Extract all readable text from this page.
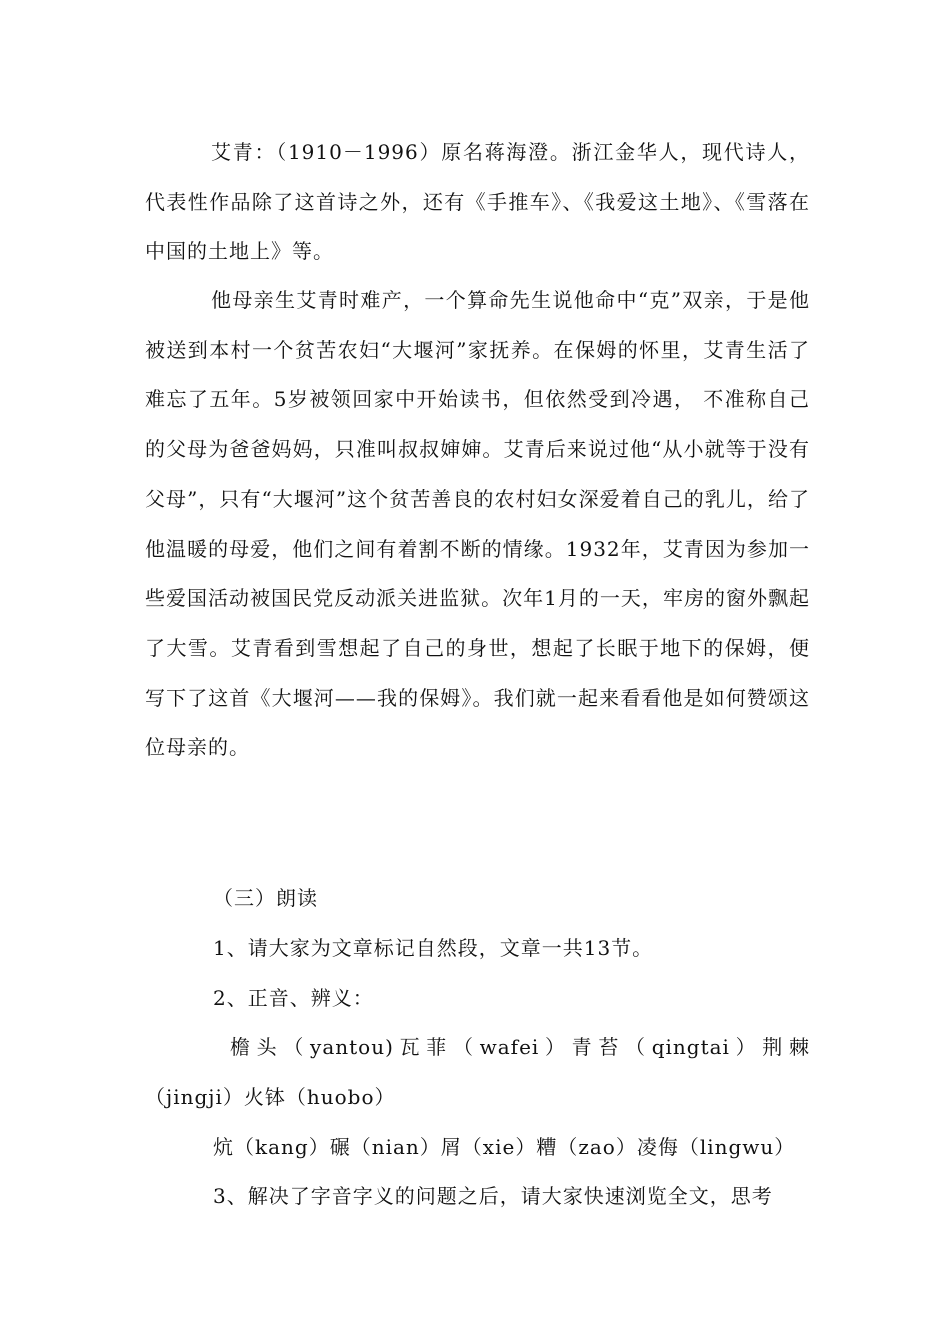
艾青：（1910－1996）原名蒋海澄。浙江金华人，现代诗人，代表性作品除了这首诗之外，还有《手推车》、《我爱这土地》、《雪落在中国的土地上》等。
他母亲生艾青时难产，一个算命先生说他命中“克”双亲，于是他被送到本村一个贫苦农妇“大堰河”家抚养。在保姆的怀里，艾青生活了难忘了五年。5岁被领回家中开始读书，但依然受到冷遇， 不准称自己的父母为爸爸妈妈，只准叫叔叔婶婶。艾青后来说过他“从小就等于没有父母”，只有“大堰河”这个贫苦善良的农村妇女深爱着自己的乳儿，给了他温暖的母爱，他们之间有着割不断的情缘。1932年，艾青因为参加一些爱国活动被国民党反动派关进监狱。次年1月的一天，牢房的窗外飘起了大雪。艾青看到雪想起了自己的身世，想起了长眠于地下的保姆，便写下了这首《大堰河——我的保姆》。我们就一起来看看他是如何赞颂这位母亲的。
（三）朗读
1、请大家为文章标记自然段，文章一共13节。
2、正音、辨义：
檐头（yantou)瓦菲（wafei）青苔（qingtai）荆棘
（jingji）火钵（huobo）
炕（kang）碾（nian）屑（xie）糟（zao）凌侮（lingwu）
3、解决了字音字义的问题之后，请大家快速浏览全文，思考
